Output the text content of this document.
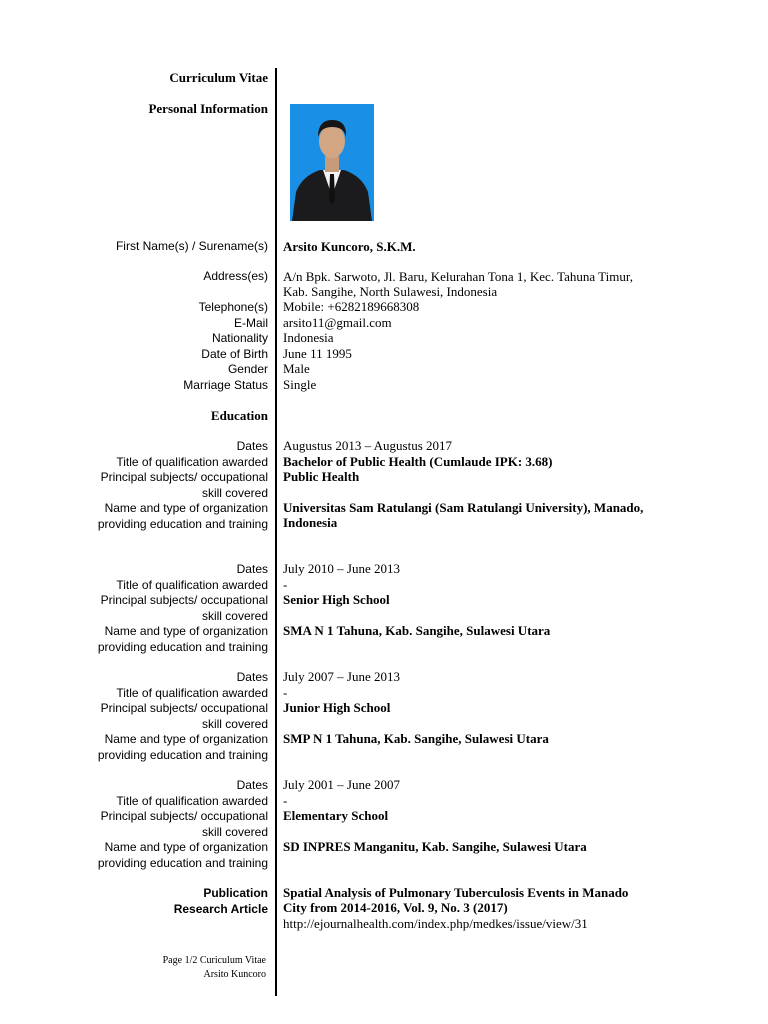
Curriculum Vitae
Personal Information
First Name(s) / Surename(s) Arsito Kuncoro, S.K.M.
Address(es) A/n Bpk. Sarwoto, Jl. Baru, Kelurahan Tona 1, Kec. Tahuna Timur,
Kab. Sangihe, North Sulawesi, Indonesia
Telephone(s) Mobile: +6282189668308
E-Mail arsito11@gmail.com
Nationality Indonesia
Date of Birth June 11 1995
Gender Male
Marriage Status Single
Education
Dates Augustus 2013 – Augustus 2017
Title of qualification awarded Bachelor of Public Health (Cumlaude IPK: 3.68)
Principal subjects/ occupational
skill covered
Public Health
Name and type of organization
providing education and training
Universitas Sam Ratulangi (Sam Ratulangi University), Manado,
Indonesia
Dates July 2010 – June 2013
Title of qualification awarded -
Principal subjects/ occupational
skill covered
Senior High School
Name and type of organization
providing education and training
SMA N 1 Tahuna, Kab. Sangihe, Sulawesi Utara
Dates July 2007 – June 2013
Title of qualification awarded -
Principal subjects/ occupational
skill covered
Junior High School
Name and type of organization
providing education and training
SMP N 1 Tahuna, Kab. Sangihe, Sulawesi Utara
Dates July 2001 – June 2007
Title of qualification awarded -
Principal subjects/ occupational
skill covered
Elementary School
Name and type of organization
providing education and training
SD INPRES Manganitu, Kab. Sangihe, Sulawesi Utara
Publication
Research Article
Spatial Analysis of Pulmonary Tuberculosis Events in Manado
City from 2014-2016, Vol. 9, No. 3 (2017)
http://ejournalhealth.com/index.php/medkes/issue/view/31
Page 1/2 Curiculum Vitae
Arsito Kuncoro
